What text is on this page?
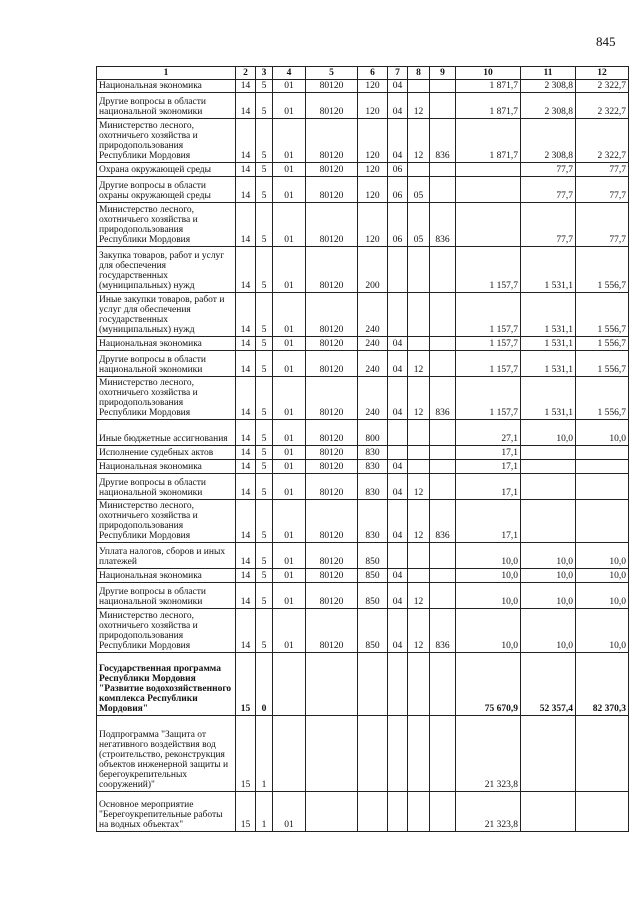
845
1	2	3	4	5	6	7	8	9	10	11	12
Национальная экономика	14	5	01	80120	120	04			1 871,7	2 308,8	2 322,7
Другие вопросы в области национальной экономики	14	5	01	80120	120	04	12		1 871,7	2 308,8	2 322,7
Министерство лесного, охотничьего хозяйства и природопользования Республики Мордовия	14	5	01	80120	120	04	12	836	1 871,7	2 308,8	2 322,7
Охрана окружающей среды	14	5	01	80120	120	06				77,7	77,7
Другие вопросы в области охраны окружающей среды	14	5	01	80120	120	06	05			77,7	77,7
Министерство лесного, охотничьего хозяйства и природопользования Республики Мордовия	14	5	01	80120	120	06	05	836		77,7	77,7
Закупка товаров, работ и услуг для обеспечения государственных (муниципальных) нужд	14	5	01	80120	200				1 157,7	1 531,1	1 556,7
Иные закупки товаров, работ и услуг для обеспечения государственных (муниципальных) нужд	14	5	01	80120	240				1 157,7	1 531,1	1 556,7
Национальная экономика	14	5	01	80120	240	04			1 157,7	1 531,1	1 556,7
Другие вопросы в области национальной экономики	14	5	01	80120	240	04	12		1 157,7	1 531,1	1 556,7
Министерство лесного, охотничьего хозяйства и природопользования Республики Мордовия	14	5	01	80120	240	04	12	836	1 157,7	1 531,1	1 556,7
Иные бюджетные ассигнования	14	5	01	80120	800				27,1	10,0	10,0
Исполнение судебных актов	14	5	01	80120	830				17,1		
Национальная экономика	14	5	01	80120	830	04			17,1		
Другие вопросы в области национальной экономики	14	5	01	80120	830	04	12		17,1		
Министерство лесного, охотничьего хозяйства и природопользования Республики Мордовия	14	5	01	80120	830	04	12	836	17,1		
Уплата налогов, сборов и иных платежей	14	5	01	80120	850				10,0	10,0	10,0
Национальная экономика	14	5	01	80120	850	04			10,0	10,0	10,0
Другие вопросы в области национальной экономики	14	5	01	80120	850	04	12		10,0	10,0	10,0
Министерство лесного, охотничьего хозяйства и природопользования Республики Мордовия	14	5	01	80120	850	04	12	836	10,0	10,0	10,0
Государственная программа Республики Мордовия "Развитие водохозяйственного комплекса Республики Мордовия"	15	0							75 670,9	52 357,4	82 370,3
Подпрограмма "Защита от негативного воздействия вод (строительство, реконструкция объектов инженерной защиты и берегоукрепительных сооружений)"	15	1							21 323,8		
Основное мероприятие "Берегоукрепительные работы на водных объектах"	15	1	01						21 323,8		
